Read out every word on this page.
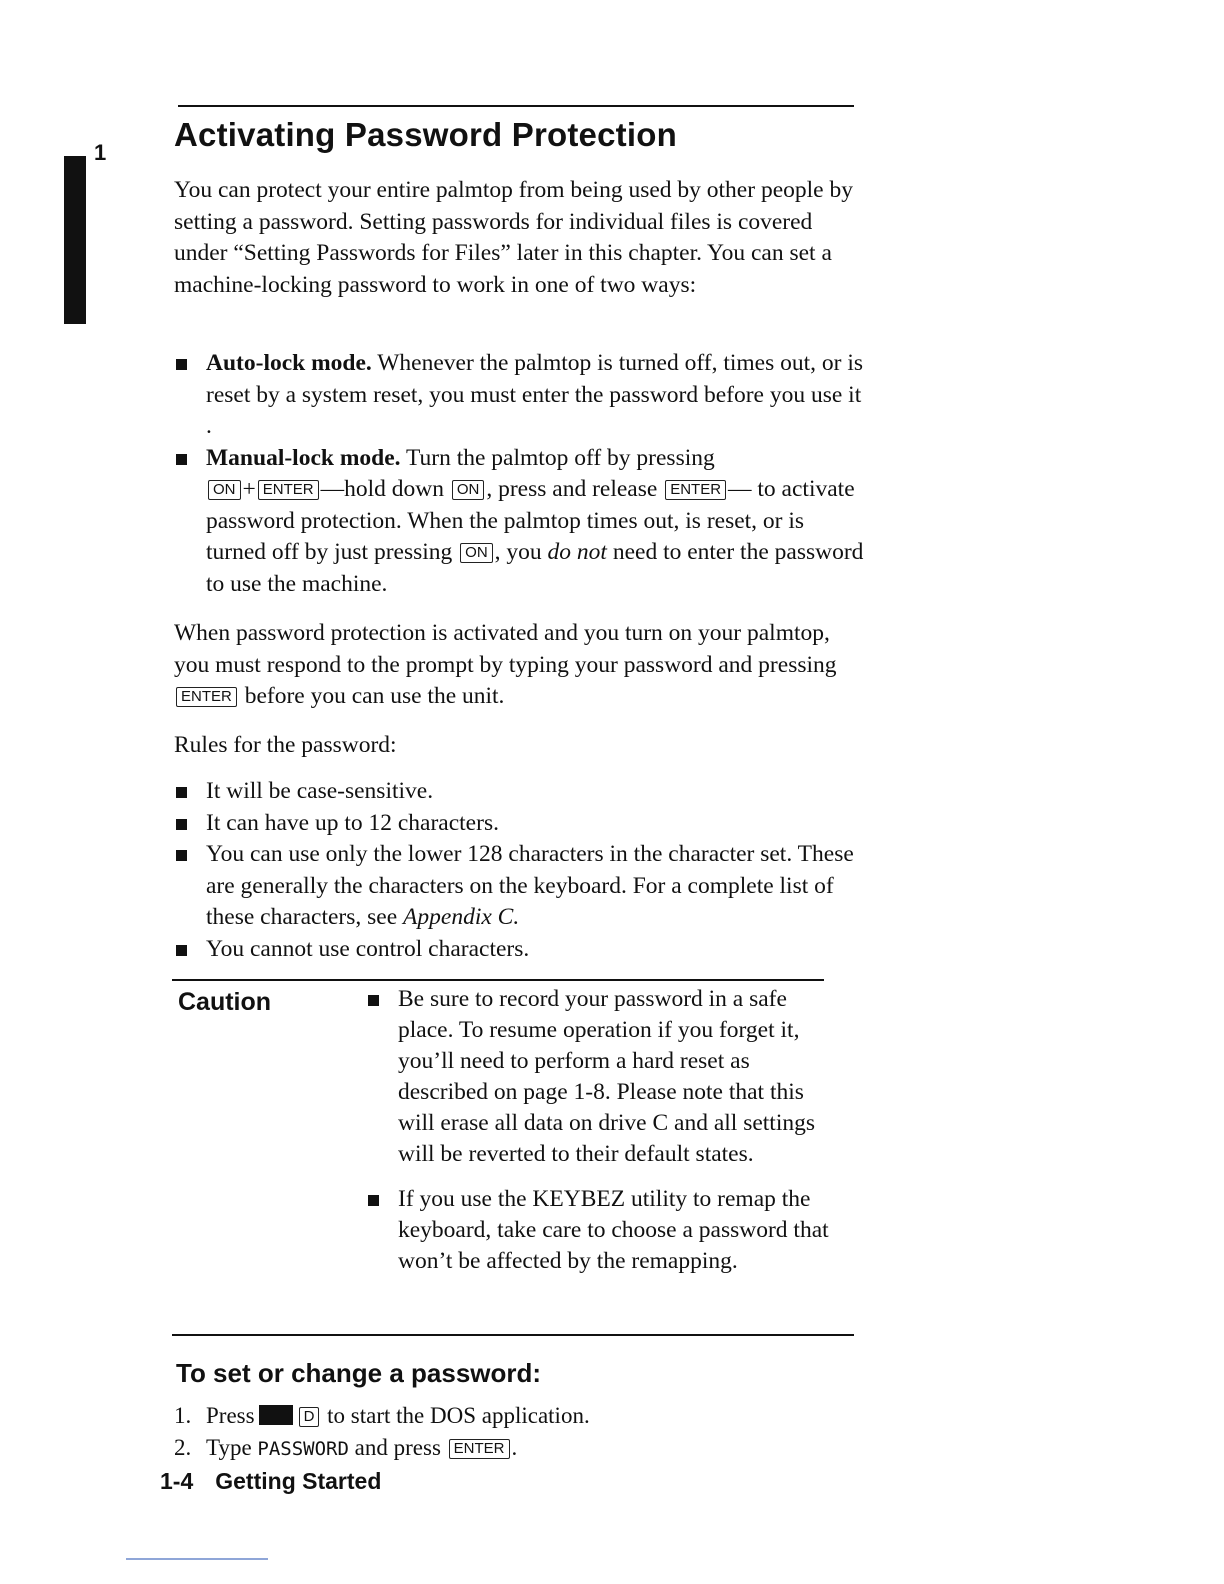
1 Activating Password Protection

You can protect your entire palmtop from being used by other people by setting a password. Setting passwords for individual files is covered under “Setting Passwords for Files” later in this chapter. You can set a machine-locking password to work in one of two ways:

Auto-lock mode. Whenever the palmtop is turned off, times out, or is reset by a system reset, you must enter the password before you use it .
Manual-lock mode. Turn the palmtop off by pressing
ON + ENTER —hold down ON , press and release ENTER — to activate password protection. When the palmtop times out, is reset, or is turned off by just pressing ON , you do not need to enter the password to use the machine.

When password protection is activated and you turn on your palmtop, you must respond to the prompt by typing your password and pressing ENTER before you can use the unit.

Rules for the password:

It will be case-sensitive.
It can have up to 12 characters.
You can use only the lower 128 characters in the character set. These are generally the characters on the keyboard. For a complete list of these characters, see Appendix C.
You cannot use control characters.
Caution	Be sure to record your password in a safe place. To resume operation if you forget it, you’ll need to perform a hard reset as described on page 1-8. Please note that this will erase all data on drive C and all settings will be reverted to their default states.
If you use the KEYBEZ utility to remap the keyboard, take care to choose a password that won’t be affected by the remapping.
To set or change a password:
1. Press	D to start the DOS application.
2. Type PASSWORD and press ENTER .
1-4 Getting Started
